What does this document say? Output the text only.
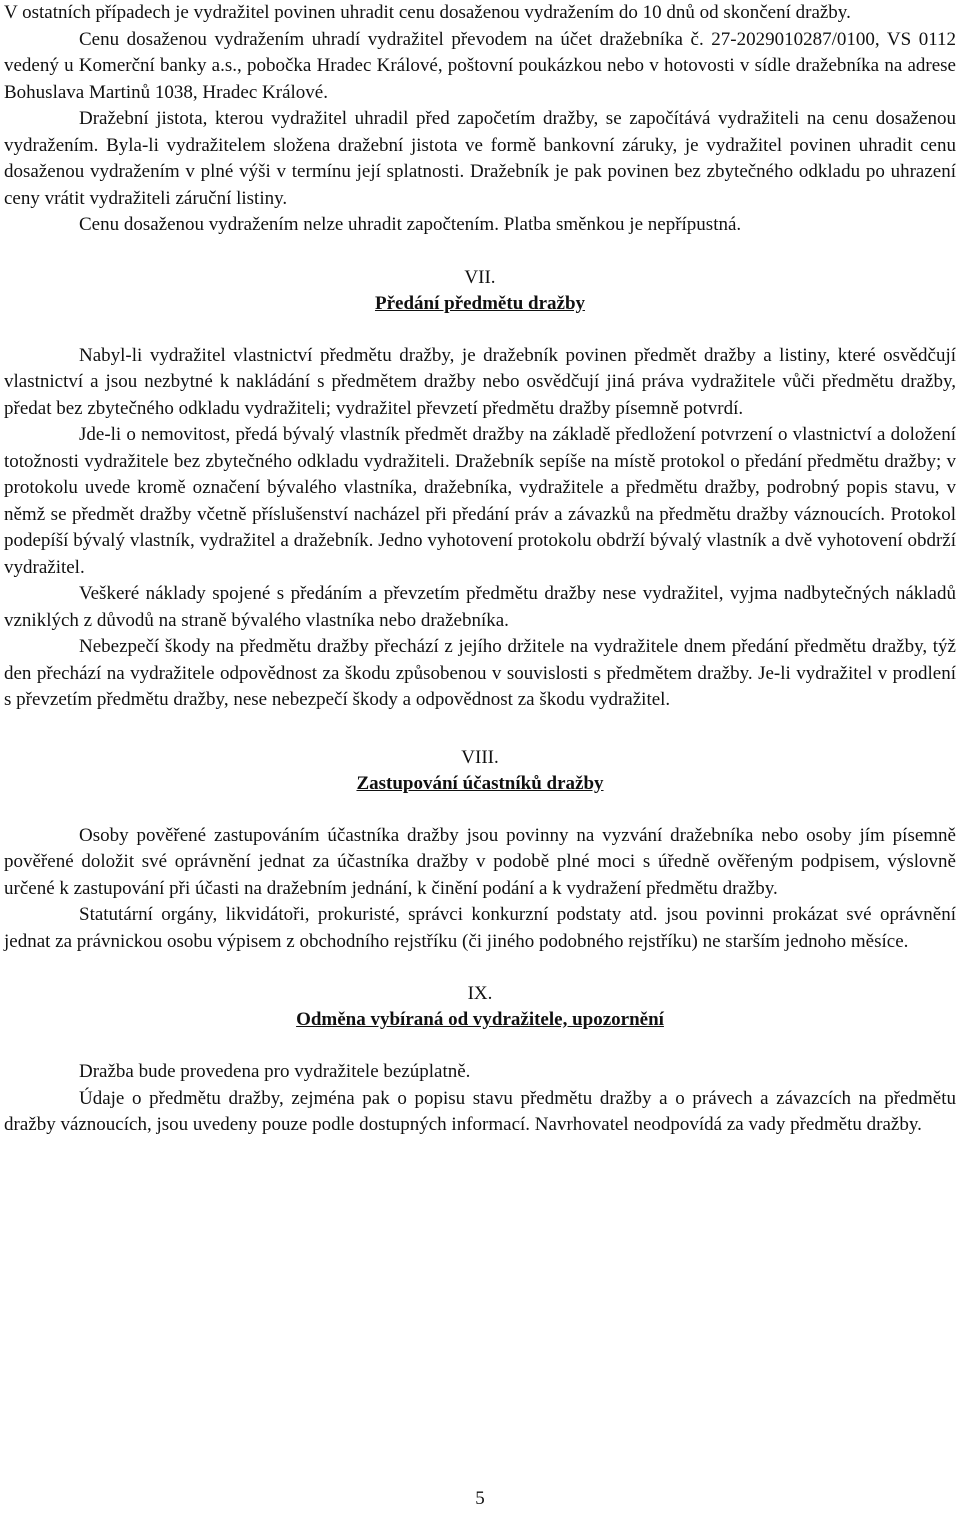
V ostatních případech je vydražitel povinen uhradit cenu dosaženou vydražením do 10 dnů od skončení dražby.

Cenu dosaženou vydražením uhradí vydražitel převodem na účet dražebníka č. 27-2029010287/0100, VS 0112 vedený u Komerční banky a.s., pobočka Hradec Králové, poštovní poukázkou nebo v hotovosti v sídle dražebníka na adrese Bohuslava Martinů 1038, Hradec Králové.

Dražební jistota, kterou vydražitel uhradil před započetím dražby, se započítává vydražiteli na cenu dosaženou vydražením. Byla-li vydražitelem složena dražební jistota ve formě bankovní záruky, je vydražitel povinen uhradit cenu dosaženou vydražením v plné výši v termínu její splatnosti. Dražebník je pak povinen bez zbytečného odkladu po uhrazení ceny vrátit vydražiteli záruční listiny.

Cenu dosaženou vydražením nelze uhradit započtením. Platba směnkou je nepřípustná.

VII.
Předání předmětu dražby

Nabyl-li vydražitel vlastnictví předmětu dražby, je dražebník povinen předmět dražby a listiny, které osvědčují vlastnictví a jsou nezbytné k nakládání s předmětem dražby nebo osvědčují jiná práva vydražitele vůči předmětu dražby, předat bez zbytečného odkladu vydražiteli; vydražitel převzetí předmětu dražby písemně potvrdí.

Jde-li o nemovitost, předá bývalý vlastník předmět dražby na základě předložení potvrzení o vlastnictví a doložení totožnosti vydražitele bez zbytečného odkladu vydražiteli. Dražebník sepíše na místě protokol o předání předmětu dražby; v protokolu uvede kromě označení bývalého vlastníka, dražebníka, vydražitele a předmětu dražby, podrobný popis stavu, v němž se předmět dražby včetně příslušenství nacházel při předání práv a závazků na předmětu dražby váznoucích. Protokol podepíší bývalý vlastník, vydražitel a dražebník. Jedno vyhotovení protokolu obdrží bývalý vlastník a dvě vyhotovení obdrží vydražitel.

Veškeré náklady spojené s předáním a převzetím předmětu dražby nese vydražitel, vyjma nadbytečných nákladů vzniklých z důvodů na straně bývalého vlastníka nebo dražebníka.

Nebezpečí škody na předmětu dražby přechází z jejího držitele na vydražitele dnem předání předmětu dražby, týž den přechází na vydražitele odpovědnost za škodu způsobenou v souvislosti s předmětem dražby. Je-li vydražitel v prodlení s převzetím předmětu dražby, nese nebezpečí škody a odpovědnost za škodu vydražitel.

VIII.
Zastupování účastníků dražby

Osoby pověřené zastupováním účastníka dražby jsou povinny na vyzvání dražebníka nebo osoby jím písemně pověřené doložit své oprávnění jednat za účastníka dražby v podobě plné moci s úředně ověřeným podpisem, výslovně určené k zastupování při účasti na dražebním jednání, k činění podání a k vydražení předmětu dražby.

Statutární orgány, likvidátoři, prokuristé, správci konkurzní podstaty atd. jsou povinni prokázat své oprávnění jednat za právnickou osobu výpisem z obchodního rejstříku (či jiného podobného rejstříku) ne starším jednoho měsíce.

IX.
Odměna vybíraná od vydražitele, upozornění

Dražba bude provedena pro vydražitele bezúplatně.

Údaje o předmětu dražby, zejména pak o popisu stavu předmětu dražby a o právech a závazcích na předmětu dražby váznoucích, jsou uvedeny pouze podle dostupných informací. Navrhovatel neodpovídá za vady předmětu dražby.

5
